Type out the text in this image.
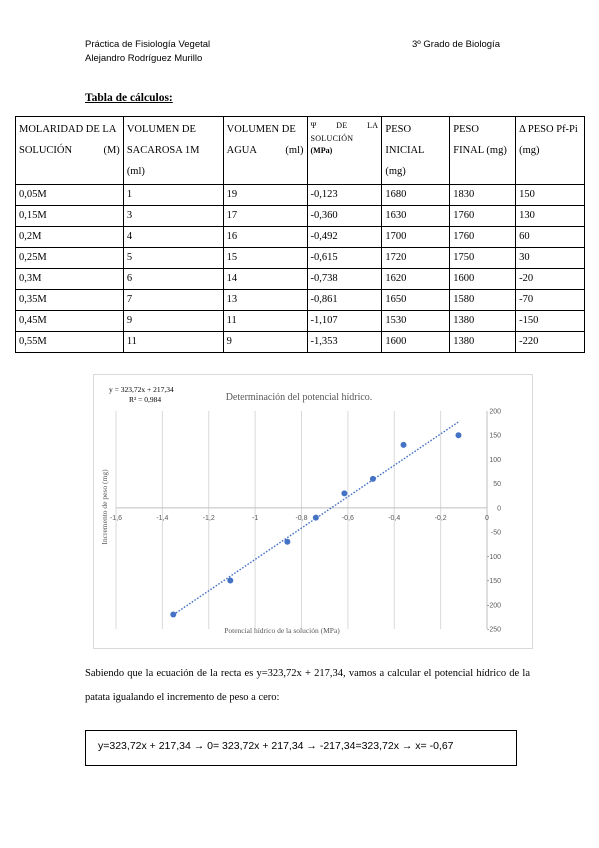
Práctica de Fisiología Vegetal
Alejandro Rodríguez Murillo
3º Grado de Biología
Tabla de cálculos:
MOLARIDAD DE LA SOLUCIÓN (M)	VOLUMEN DE SACAROSA 1M (ml)	VOLUMEN DE AGUA (ml)	Ψ DE LA SOLUCIÓN
(MPa)	PESO INICIAL (mg)	PESO FINAL (mg)	Δ PESO Pf-Pi (mg)
0,05M	1	19	-0,123	1680	1830	150
0,15M	3	17	-0,360	1630	1760	130
0,2M	4	16	-0,492	1700	1760	60
0,25M	5	15	-0,615	1720	1750	30
0,3M	6	14	-0,738	1620	1600	-20
0,35M	7	13	-0,861	1650	1580	-70
0,45M	9	11	-1,107	1530	1380	-150
0,55M	11	9	-1,353	1600	1380	-220
-1,6	-1,4	-1,2	-1	-0,8	-0,6	-0,4	-0,2	0
200
150
100
50
0
-50
-100
-150
-200
-250
Determinación del potencial hídrico.
y = 323,72x + 217,34
R² = 0,984
Potencial hídrico de la solución (MPa)
Incremento de peso (mg)
Sabiendo que la ecuación de la recta es y=323,72x + 217,34, vamos a calcular el potencial hídrico de la patata igualando el incremento de peso a cero:
y=323,72x + 217,34 → 0= 323,72x + 217,34 → -217,34=323,72x → x= -0,67
